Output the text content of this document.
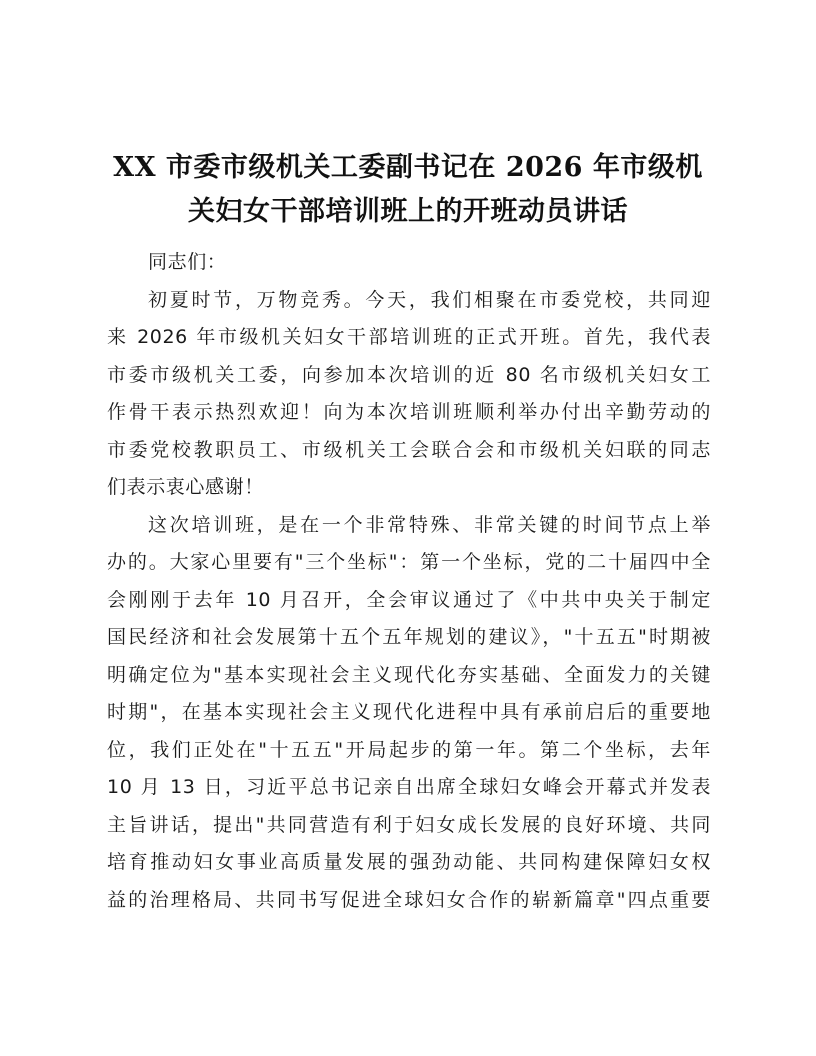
XX 市委市级机关工委副书记在 2026 年市级机
关妇女干部培训班上的开班动员讲话
同志们：
初夏时节，万物竞秀。今天，我们相聚在市委党校，共同迎
来 2026 年市级机关妇女干部培训班的正式开班。首先，我代表
市委市级机关工委，向参加本次培训的近 80 名市级机关妇女工
作骨干表示热烈欢迎！向为本次培训班顺利举办付出辛勤劳动的
市委党校教职员工、市级机关工会联合会和市级机关妇联的同志
们表示衷心感谢！
这次培训班，是在一个非常特殊、非常关键的时间节点上举
办的。大家心里要有"三个坐标"：第一个坐标，党的二十届四中全
会刚刚于去年 10 月召开，全会审议通过了《中共中央关于制定
国民经济和社会发展第十五个五年规划的建议》，"十五五"时期被
明确定位为"基本实现社会主义现代化夯实基础、全面发力的关键
时期"，在基本实现社会主义现代化进程中具有承前启后的重要地
位，我们正处在"十五五"开局起步的第一年。第二个坐标，去年
10 月 13 日，习近平总书记亲自出席全球妇女峰会开幕式并发表
主旨讲话，提出"共同营造有利于妇女成长发展的良好环境、共同
培育推动妇女事业高质量发展的强劲动能、共同构建保障妇女权
益的治理格局、共同书写促进全球妇女合作的崭新篇章"四点重要
